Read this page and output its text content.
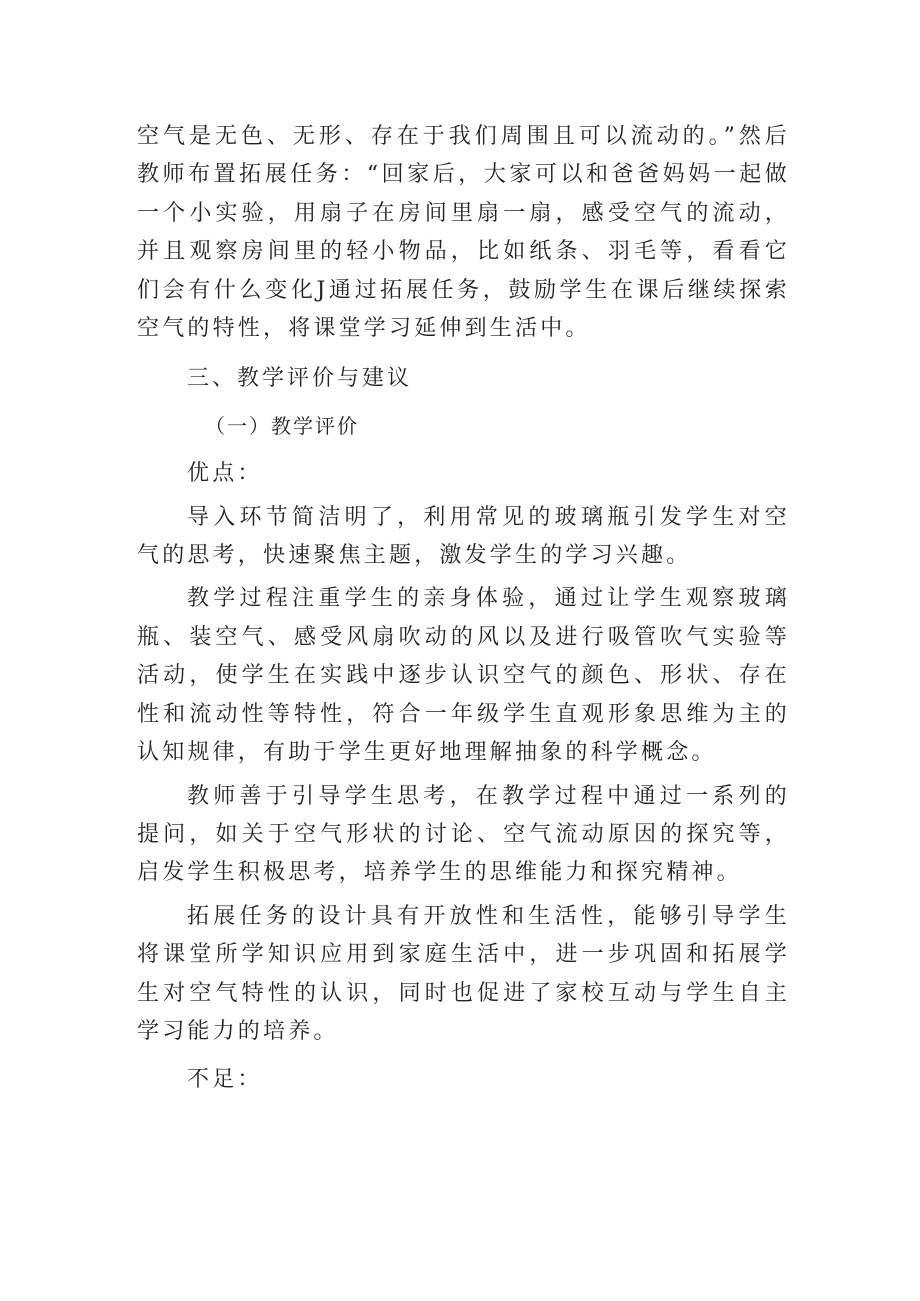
空气是无色、无形、存在于我们周围且可以流动的。”然后教师布置拓展任务：“回家后，大家可以和爸爸妈妈一起做一个小实验，用扇子在房间里扇一扇，感受空气的流动，并且观察房间里的轻小物品，比如纸条、羽毛等，看看它们会有什么变化J通过拓展任务，鼓励学生在课后继续探索空气的特性，将课堂学习延伸到生活中。

三、教学评价与建议
（一）教学评价

优点：

导入环节简洁明了，利用常见的玻璃瓶引发学生对空气的思考，快速聚焦主题，激发学生的学习兴趣。

教学过程注重学生的亲身体验，通过让学生观察玻璃瓶、装空气、感受风扇吹动的风以及进行吸管吹气实验等活动，使学生在实践中逐步认识空气的颜色、形状、存在性和流动性等特性，符合一年级学生直观形象思维为主的认知规律，有助于学生更好地理解抽象的科学概念。

教师善于引导学生思考，在教学过程中通过一系列的提问，如关于空气形状的讨论、空气流动原因的探究等，启发学生积极思考，培养学生的思维能力和探究精神。

拓展任务的设计具有开放性和生活性，能够引导学生将课堂所学知识应用到家庭生活中，进一步巩固和拓展学生对空气特性的认识，同时也促进了家校互动与学生自主学习能力的培养。

不足：
